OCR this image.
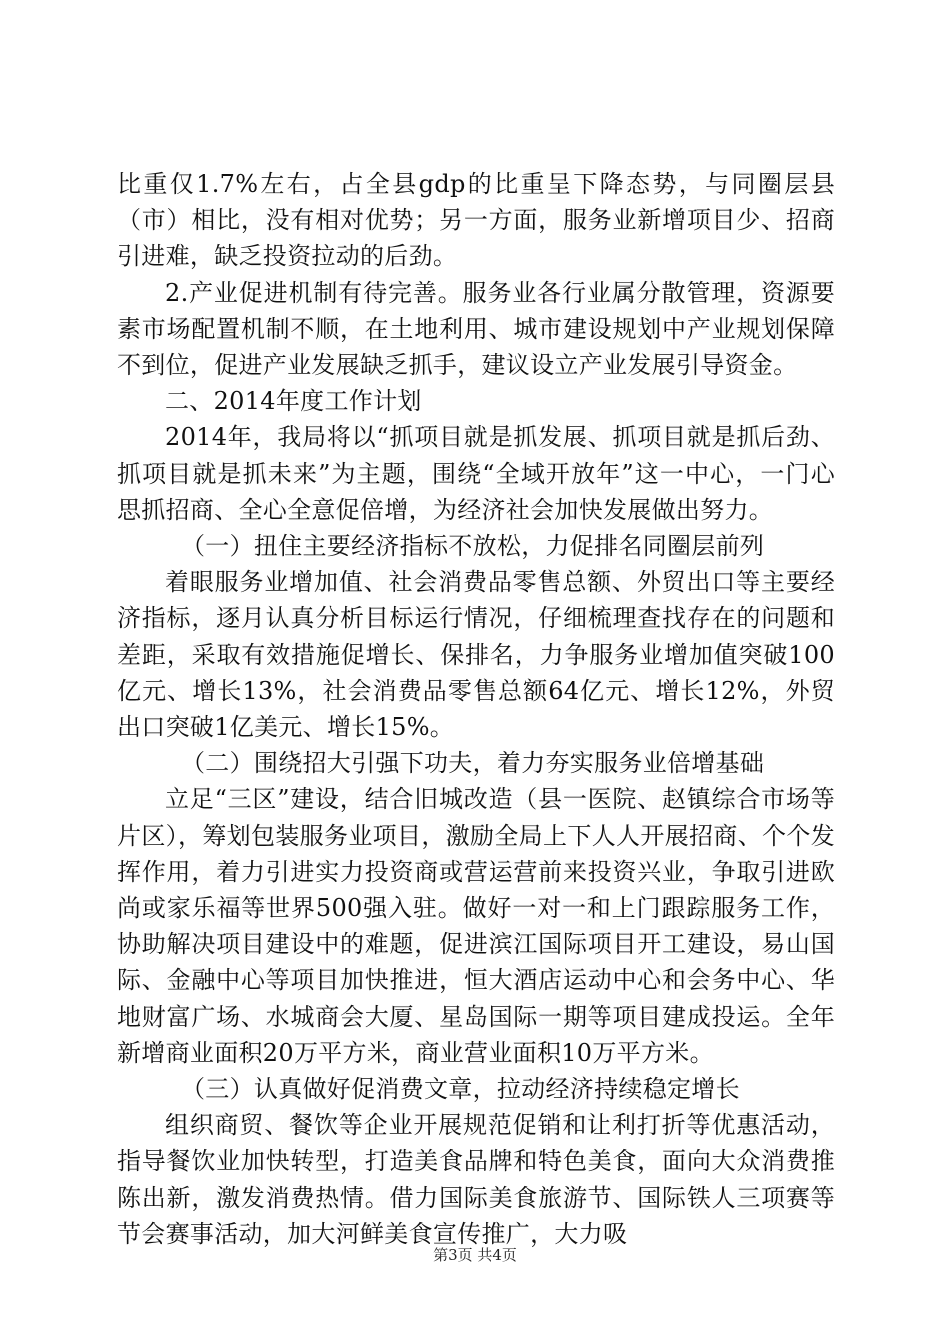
比重仅1.7%左右，占全县gdp的比重呈下降态势，与同圈层县（市）相比，没有相对优势；另一方面，服务业新增项目少、招商引进难，缺乏投资拉动的后劲。

2.产业促进机制有待完善。服务业各行业属分散管理，资源要素市场配置机制不顺，在土地利用、城市建设规划中产业规划保障不到位，促进产业发展缺乏抓手，建议设立产业发展引导资金。

二、2014年度工作计划

2014年，我局将以“抓项目就是抓发展、抓项目就是抓后劲、抓项目就是抓未来”为主题，围绕“全域开放年”这一中心，一门心思抓招商、全心全意促倍增，为经济社会加快发展做出努力。

（一）扭住主要经济指标不放松，力促排名同圈层前列

着眼服务业增加值、社会消费品零售总额、外贸出口等主要经济指标，逐月认真分析目标运行情况，仔细梳理查找存在的问题和差距，采取有效措施促增长、保排名，力争服务业增加值突破100亿元、增长13%，社会消费品零售总额64亿元、增长12%，外贸出口突破1亿美元、增长15%。

（二）围绕招大引强下功夫，着力夯实服务业倍增基础

立足“三区”建设，结合旧城改造（县一医院、赵镇综合市场等片区），筹划包装服务业项目，激励全局上下人人开展招商、个个发挥作用，着力引进实力投资商或营运营前来投资兴业，争取引进欧尚或家乐福等世界500强入驻。做好一对一和上门跟踪服务工作，协助解决项目建设中的难题，促进滨江国际项目开工建设，易山国际、金融中心等项目加快推进，恒大酒店运动中心和会务中心、华地财富广场、水城商会大厦、星岛国际一期等项目建成投运。全年新增商业面积20万平方米，商业营业面积10万平方米。

（三）认真做好促消费文章，拉动经济持续稳定增长

组织商贸、餐饮等企业开展规范促销和让利打折等优惠活动，指导餐饮业加快转型，打造美食品牌和特色美食，面向大众消费推陈出新，激发消费热情。借力国际美食旅游节、国际铁人三项赛等节会赛事活动，加大河鲜美食宣传推广，大力吸

第3页 共4页
